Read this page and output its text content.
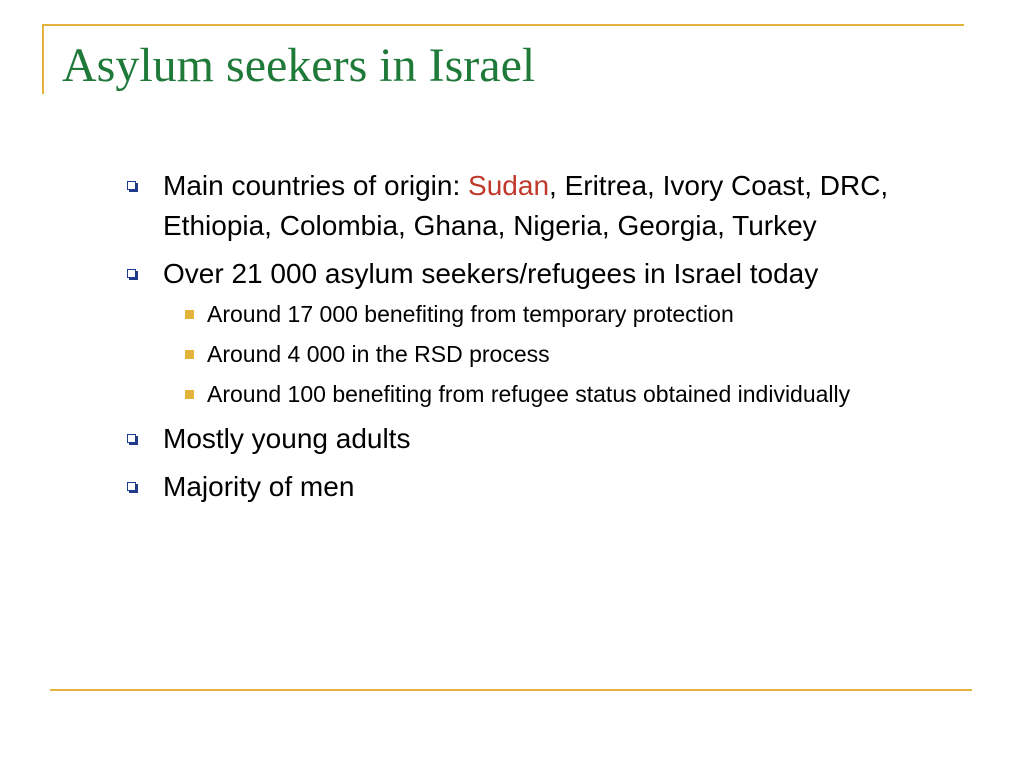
Asylum seekers in Israel
Main countries of origin: Sudan, Eritrea, Ivory Coast, DRC, Ethiopia, Colombia, Ghana, Nigeria, Georgia, Turkey
Over 21 000 asylum seekers/refugees in Israel today
Around 17 000 benefiting from temporary protection
Around 4 000 in the RSD process
Around 100 benefiting from refugee status obtained individually
Mostly young adults
Majority of men
